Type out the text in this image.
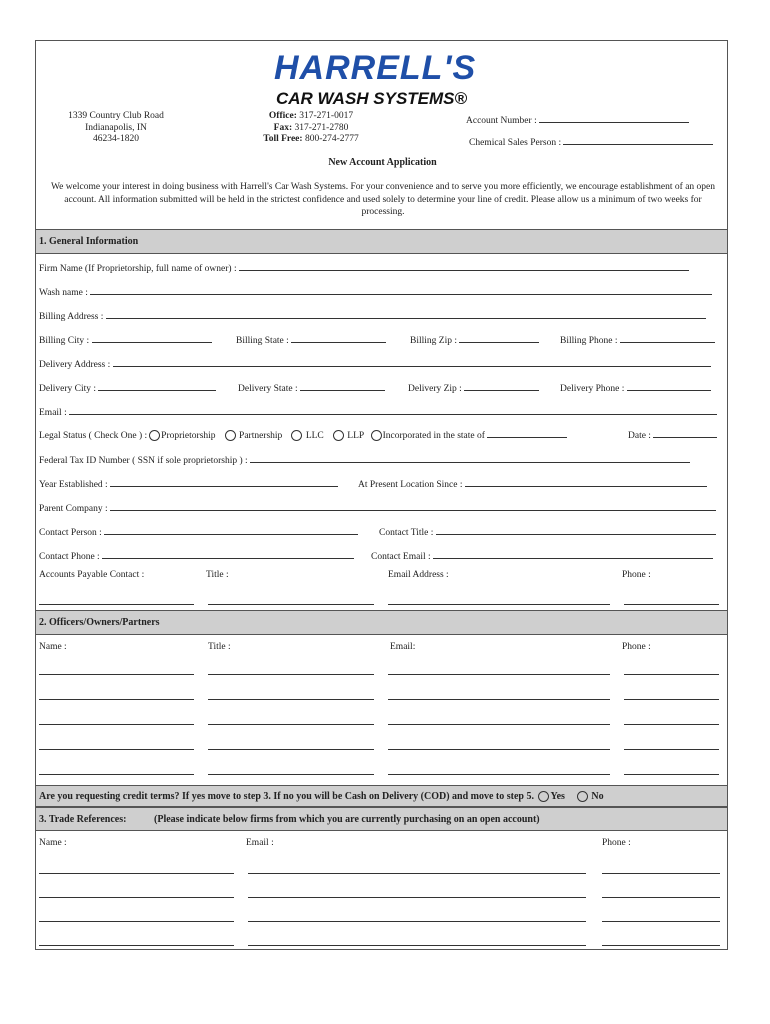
HARRELL'S
CAR WASH SYSTEMS®
1339 Country Club Road
Indianapolis, IN
46234-1820
Office: 317-271-0017
Fax: 317-271-2780
Toll Free: 800-274-2777
Account Number :
Chemical Sales Person :
New Account Application
We welcome your interest in doing business with Harrell's Car Wash Systems. For your convenience and to serve you more efficiently, we encourage establishment of an open account. All information submitted will be held in the strictest confidence and used solely to determine your line of credit. Please allow us a minimum of two weeks for processing.
1. General Information
Firm Name (If Proprietorship, full name of owner) :
Wash name :
Billing Address :
Billing City :	Billing State :	Billing Zip :	Billing Phone :
Delivery Address :
Delivery City :	Delivery State :	Delivery Zip :	Delivery Phone :
Email :
Legal Status ( Check One ) : Proprietorship Partnership LLC LLP Incorporated in the state of	Date :
Federal Tax ID Number ( SSN if sole proprietorship ) :
Year Established :	At Present Location Since :
Parent Company :
Contact Person :	Contact Title :
Contact Phone :	Contact Email :
Accounts Payable Contact :	Title :	Email Address :	Phone :
2. Officers/Owners/Partners
Name :	Title :	Email:	Phone :
Are you requesting credit terms? If yes move to step 3. If no you will be Cash on Delivery (COD) and move to step 5. Yes	No
3. Trade References:	(Please indicate below firms from which you are currently purchasing on an open account)
Name :	Email :	Phone :
